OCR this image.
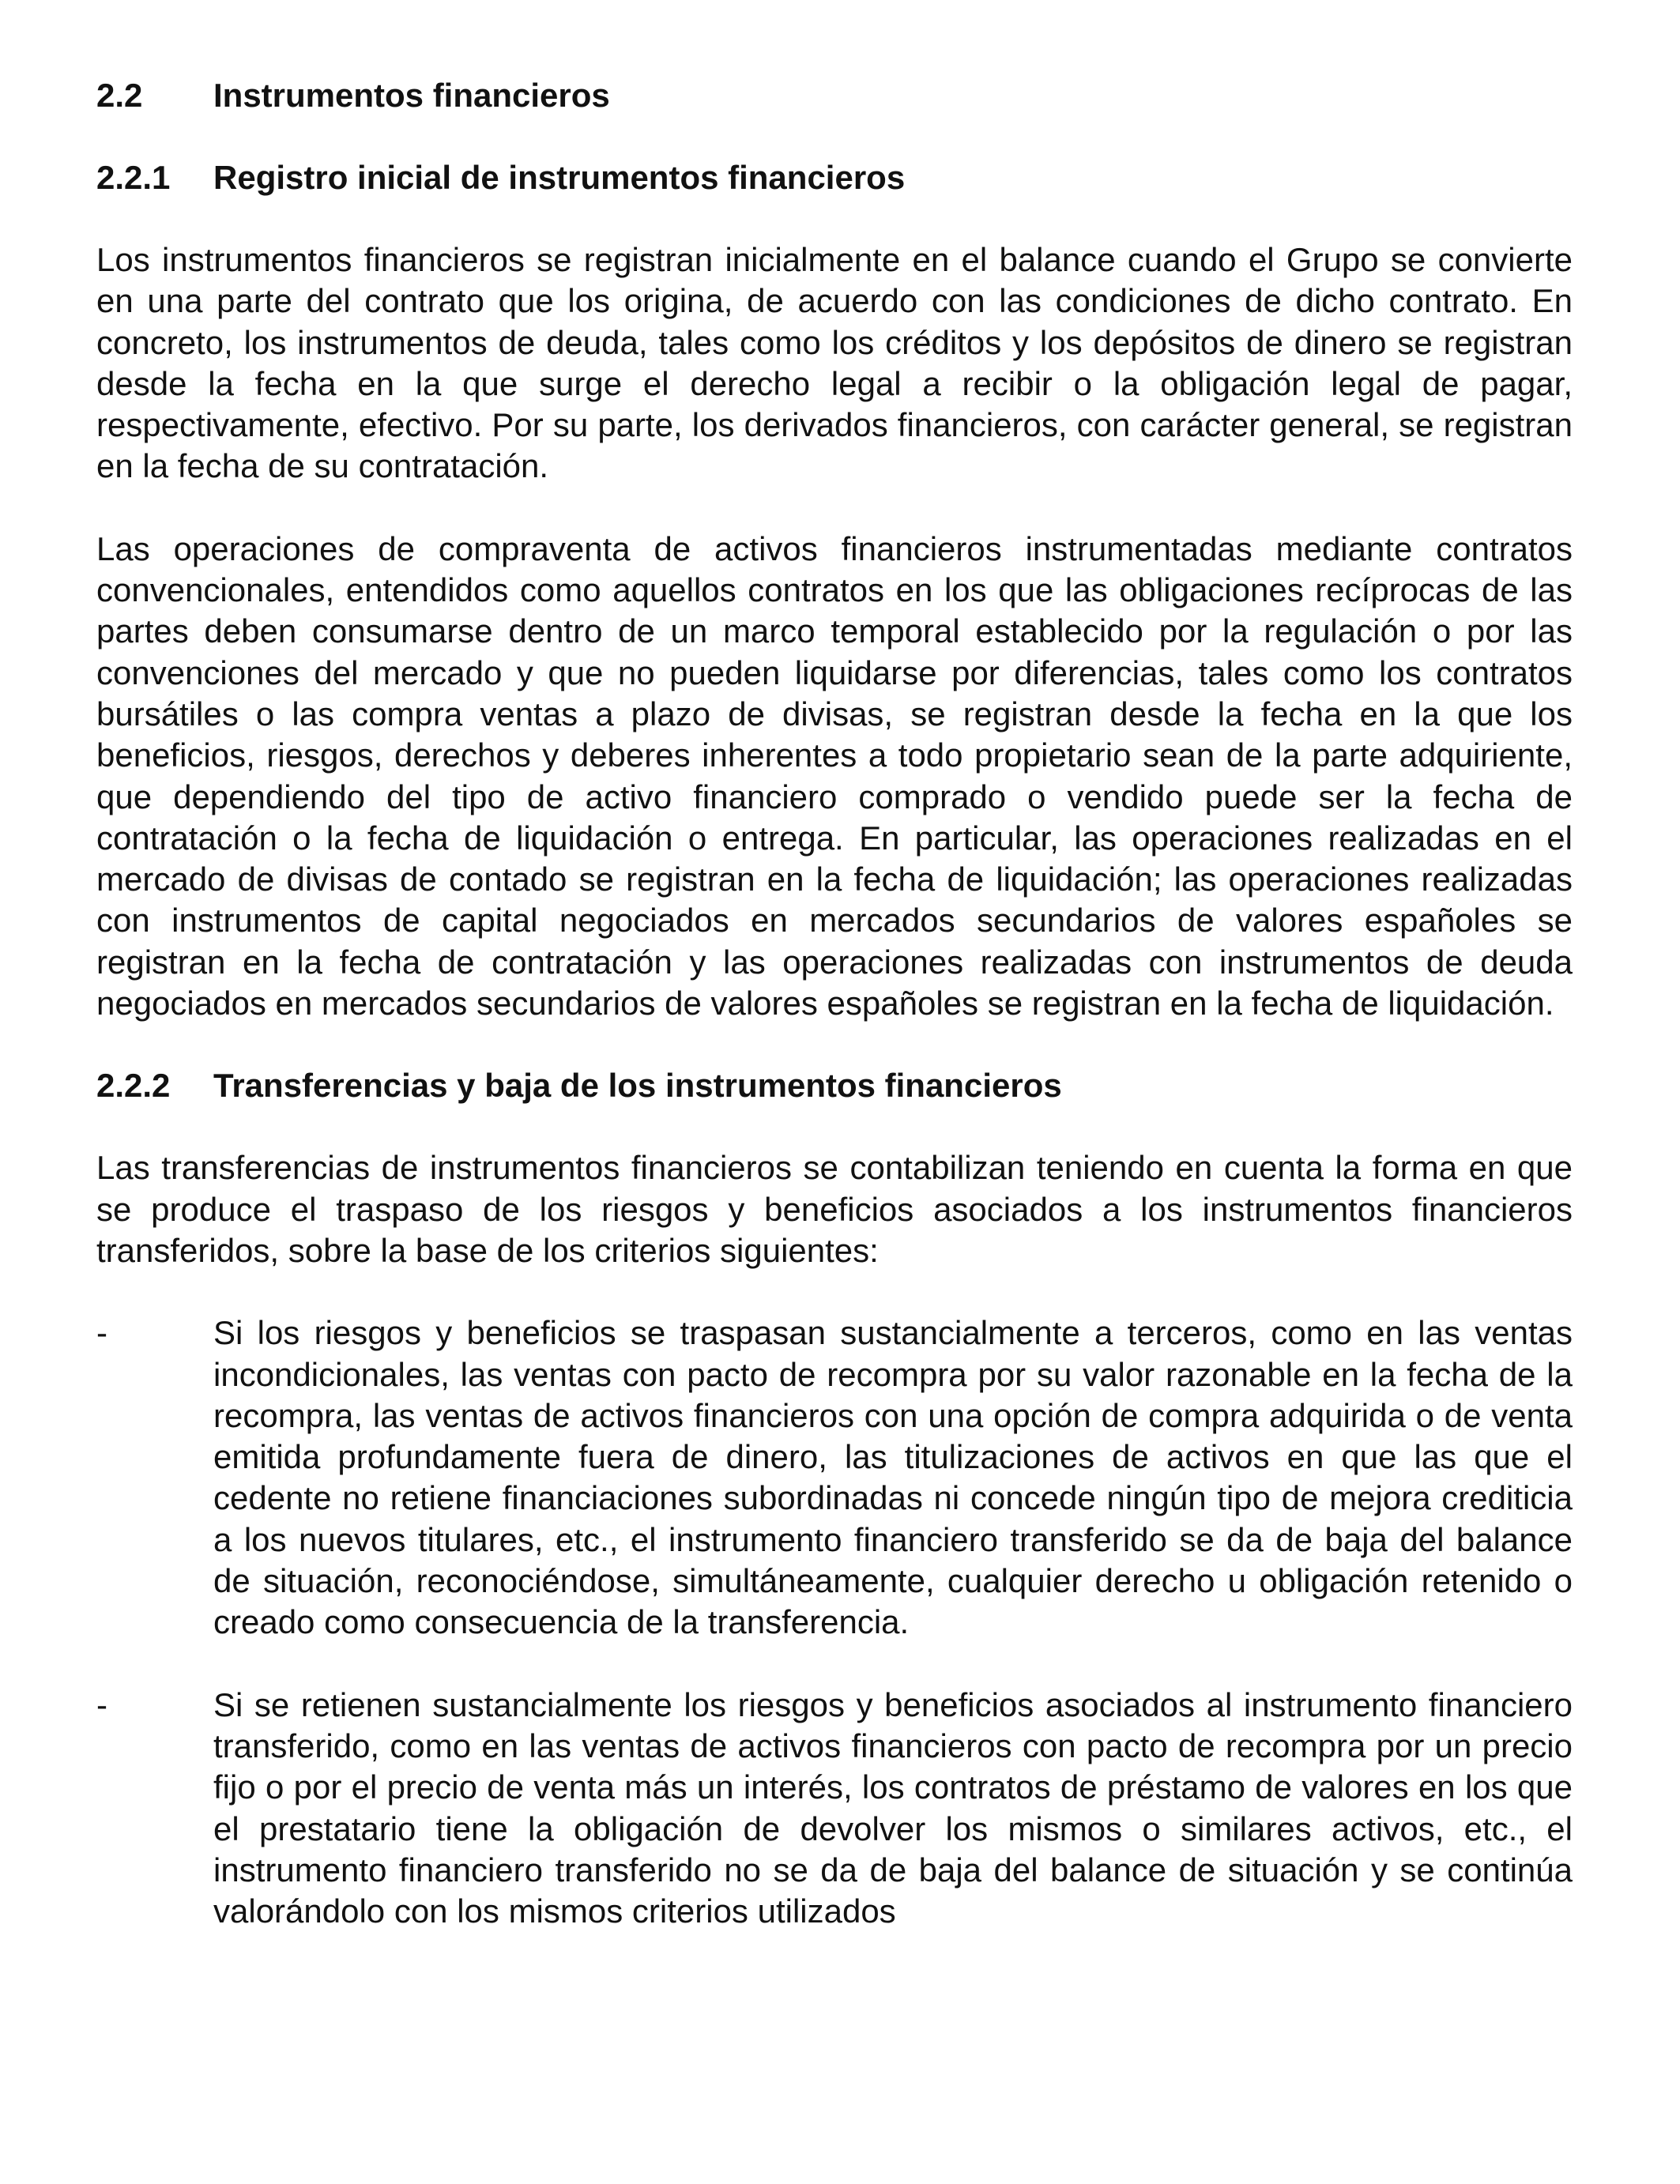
2.2	Instrumentos financieros
2.2.1	Registro inicial de instrumentos financieros

Los instrumentos financieros se registran inicialmente en el balance cuando el Grupo se convierte en una parte del contrato que los origina, de acuerdo con las condiciones de dicho contrato. En concreto, los instrumentos de deuda, tales como los créditos y los depósitos de dinero se registran desde la fecha en la que surge el derecho legal a recibir o la obligación legal de pagar, respectivamente, efectivo. Por su parte, los derivados financieros, con carácter general, se registran en la fecha de su contratación.

Las operaciones de compraventa de activos financieros instrumentadas mediante contratos convencionales, entendidos como aquellos contratos en los que las obligaciones recíprocas de las partes deben consumarse dentro de un marco temporal establecido por la regulación o por las convenciones del mercado y que no pueden liquidarse por diferencias, tales como los contratos bursátiles o las compra ventas a plazo de divisas, se registran desde la fecha en la que los beneficios, riesgos, derechos y deberes inherentes a todo propietario sean de la parte adquiriente, que dependiendo del tipo de activo financiero comprado o vendido puede ser la fecha de contratación o la fecha de liquidación o entrega. En particular, las operaciones realizadas en el mercado de divisas de contado se registran en la fecha de liquidación; las operaciones realizadas con instrumentos de capital negociados en mercados secundarios de valores españoles se registran en la fecha de contratación y las operaciones realizadas con instrumentos de deuda negociados en mercados secundarios de valores españoles se registran en la fecha de liquidación.

2.2.2	Transferencias y baja de los instrumentos financieros

Las transferencias de instrumentos financieros se contabilizan teniendo en cuenta la forma en que se produce el traspaso de los riesgos y beneficios asociados a los instrumentos financieros transferidos, sobre la base de los criterios siguientes:

-	Si los riesgos y beneficios se traspasan sustancialmente a terceros, como en las ventas incondicionales, las ventas con pacto de recompra por su valor razonable en la fecha de la recompra, las ventas de activos financieros con una opción de compra adquirida o de venta emitida profundamente fuera de dinero, las titulizaciones de activos en que las que el cedente no retiene financiaciones subordinadas ni concede ningún tipo de mejora crediticia a los nuevos titulares, etc., el instrumento financiero transferido se da de baja del balance de situación, reconociéndose, simultáneamente, cualquier derecho u obligación retenido o creado como consecuencia de la transferencia.
-	Si se retienen sustancialmente los riesgos y beneficios asociados al instrumento financiero transferido, como en las ventas de activos financieros con pacto de recompra por un precio fijo o por el precio de venta más un interés, los contratos de préstamo de valores en los que el prestatario tiene la obligación de devolver los mismos o similares activos, etc., el instrumento financiero transferido no se da de baja del balance de situación y se continúa valorándolo con los mismos criterios utilizados
